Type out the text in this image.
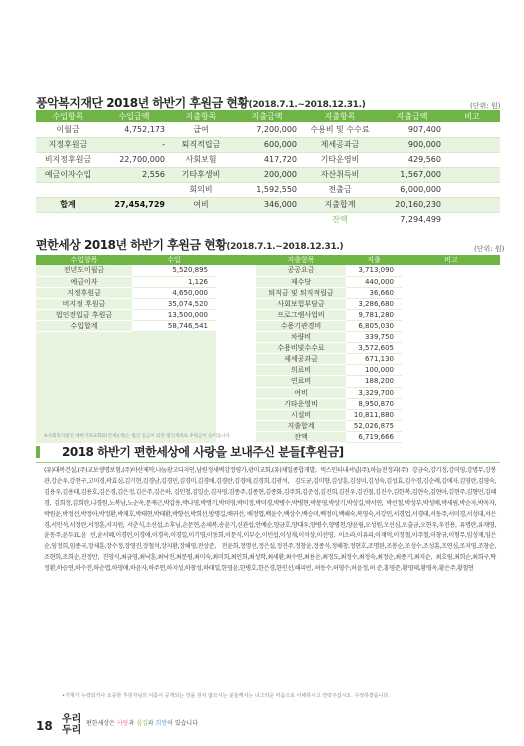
풍악복지재단 2018년 하반기 후원금 현황(2018.7.1.~2018.12.31.)	(단위: 원)
수입항목	수입금액	지출항목	지출금액	지출항목	지출금액	비고
이월금	4,752,173	급여	7,200,000	수용비 및 수수료	907,400	
지정후원금	-	퇴직적립금	600,000	제세공과금	900,000	
비지정후원금	22,700,000	사회보험	417,720	기타운영비	429,560	
예금이자수입	2,556	기타후생비	200,000	자산취득비	1,567,000	
		회의비	1,592,550	전출금	6,000,000	
합계	27,454,729	여비	346,000	지출합계	20,160,230	
				잔액	7,294,499	
편한세상 2018년 하반기 후원금 현황(2018.7.1.~2018.12.31.)	(단위: 원)
수입항목	수입		지출항목	지출	비고
전년도이월금	5,520,895		공공요금	3,713,090	
예금이자	1,126		제수당	440,000	
지정후원금	4,650,000		퇴직금 및 퇴직적립금	36,660	
비지정 후원금	35,074,520		사회보험부담금	3,286,680	
법인전입금 후원금	13,500,000		프로그램사업비	9,781,280	
수입합계	58,746,541		수용기관경비	6,805,030	
			차량비	339,750	
			수용비및수수료	3,572,605	
			제세공과금	671,130	
			의료비	100,000	
			연료비	188,200	
			여비	3,329,700	
			기타운영비	8,950,870	
			시설비	10,811,880	
			지출합계	52,026,875	
			잔액	6,719,666	
※사회복지법인 대한기독교회와(연세)(재)는 법인 입금이 되면 법인계좌로 후원금이 들어옵니다
2018 하반기 편한세상에 사랑을 보내주신 분들[후원금]
(유)대복건설,(주)교보생명보험,(주)아산제약,나눔광고디자인,남원정새벽감정평가,광미교회,(유)제일종합개발, 빅스인터내셔널(주),하늘전정과(주) 강금숙,강기정,강미영,강명무,강봉관,강순우,강천구,고미경,곽효심,김기현,김경남,김경민,김경미,김경애,김경란,김경애,김경희,김광석, 김도균,김미향,김상훈,김성미,김성숙,김성효,김수경,김순례,김애자,김영란,김영숙,김용우,김용태,김용호,김은경,김은정,김은주,김은하, 김인철,김일순,김자영,김종주,김종현,김종화,김주희,김준성,김진희,김진우,김진철,김진수,김한복,김현숙,김현아,김현주,김형민,김혜경, 김희정,김희란,나경원,노복남,노순옥,문재근,박갑용,박나영,박명기,박미영,박미정,박미경,박병수,박병현,박봉영,박상기,박상길,박서연, 박선철,박성부,박성배,박세림,박순자,박옥자,박원윤,박정선,박정아,박정환,박재호,박태현,박태환,박향선,박희선,방명길,배귀선, 배정엽,백윤수,백상수,백승미,백정미,백해숙,복영숙,서강민,서경업,서경태,서동주,서미경,서성대,서은경,서인석,서정란,서정훈,서지원, 서춘식,소선섭,소후님,손문현,손세복,송윤기,신관섭,안예순,양금호,양대우,양병수,양병천,양윤림,오성원,오선심,오출금,오현우,우진용, 유명란,유재영,윤동주,윤두표,윤 선,윤서혜,이경린,이경애,이경옥,이경일,이기영,이동희,이문식,이부순,이민섭,이성재,이석상,이선영, 이소라,이유리,이재억,이정철,이주철,이창규,이형무,임성재,임은순,임정희,임종국,장세훈,장수정,장영진,장철석,장지환,장해영,전상준, 전윤희,정명선,정은실,정진주,정창윤,정종식,정해창,정현호,조명완,조봉순,조성수,조성흠,조연심,조지영,조창순,조현희,조희순,진정만, 진영식,최금영,최낙훈,최낙진,최문평,최미숙,최미희,최인희,최성학,최세환,최수연,최용운,최정도,최정수,최정숙,최정순,최종기,최지순, 최호림,최희순,최희구,탁정환,하승연,하수진,하순엽,하영애,하윤자,하주연,하지성,하창성,하태일,한영윤,한병호,한은경,한인선,해피빈, 허동수,허영수,허윤정,허 준,홍영준,황영태,황영옥,황은주,황철연
•기재가 누락되거나 소중한 후원자님의 이름이 공개되는 것을 원치 않으시는 분들께서는 너그러운 마음으로 이해하시고 연락주십시오. 수정하겠습니다.
18 우리
두리
편한세상은 사랑과 섬김과 희망이 있습니다
